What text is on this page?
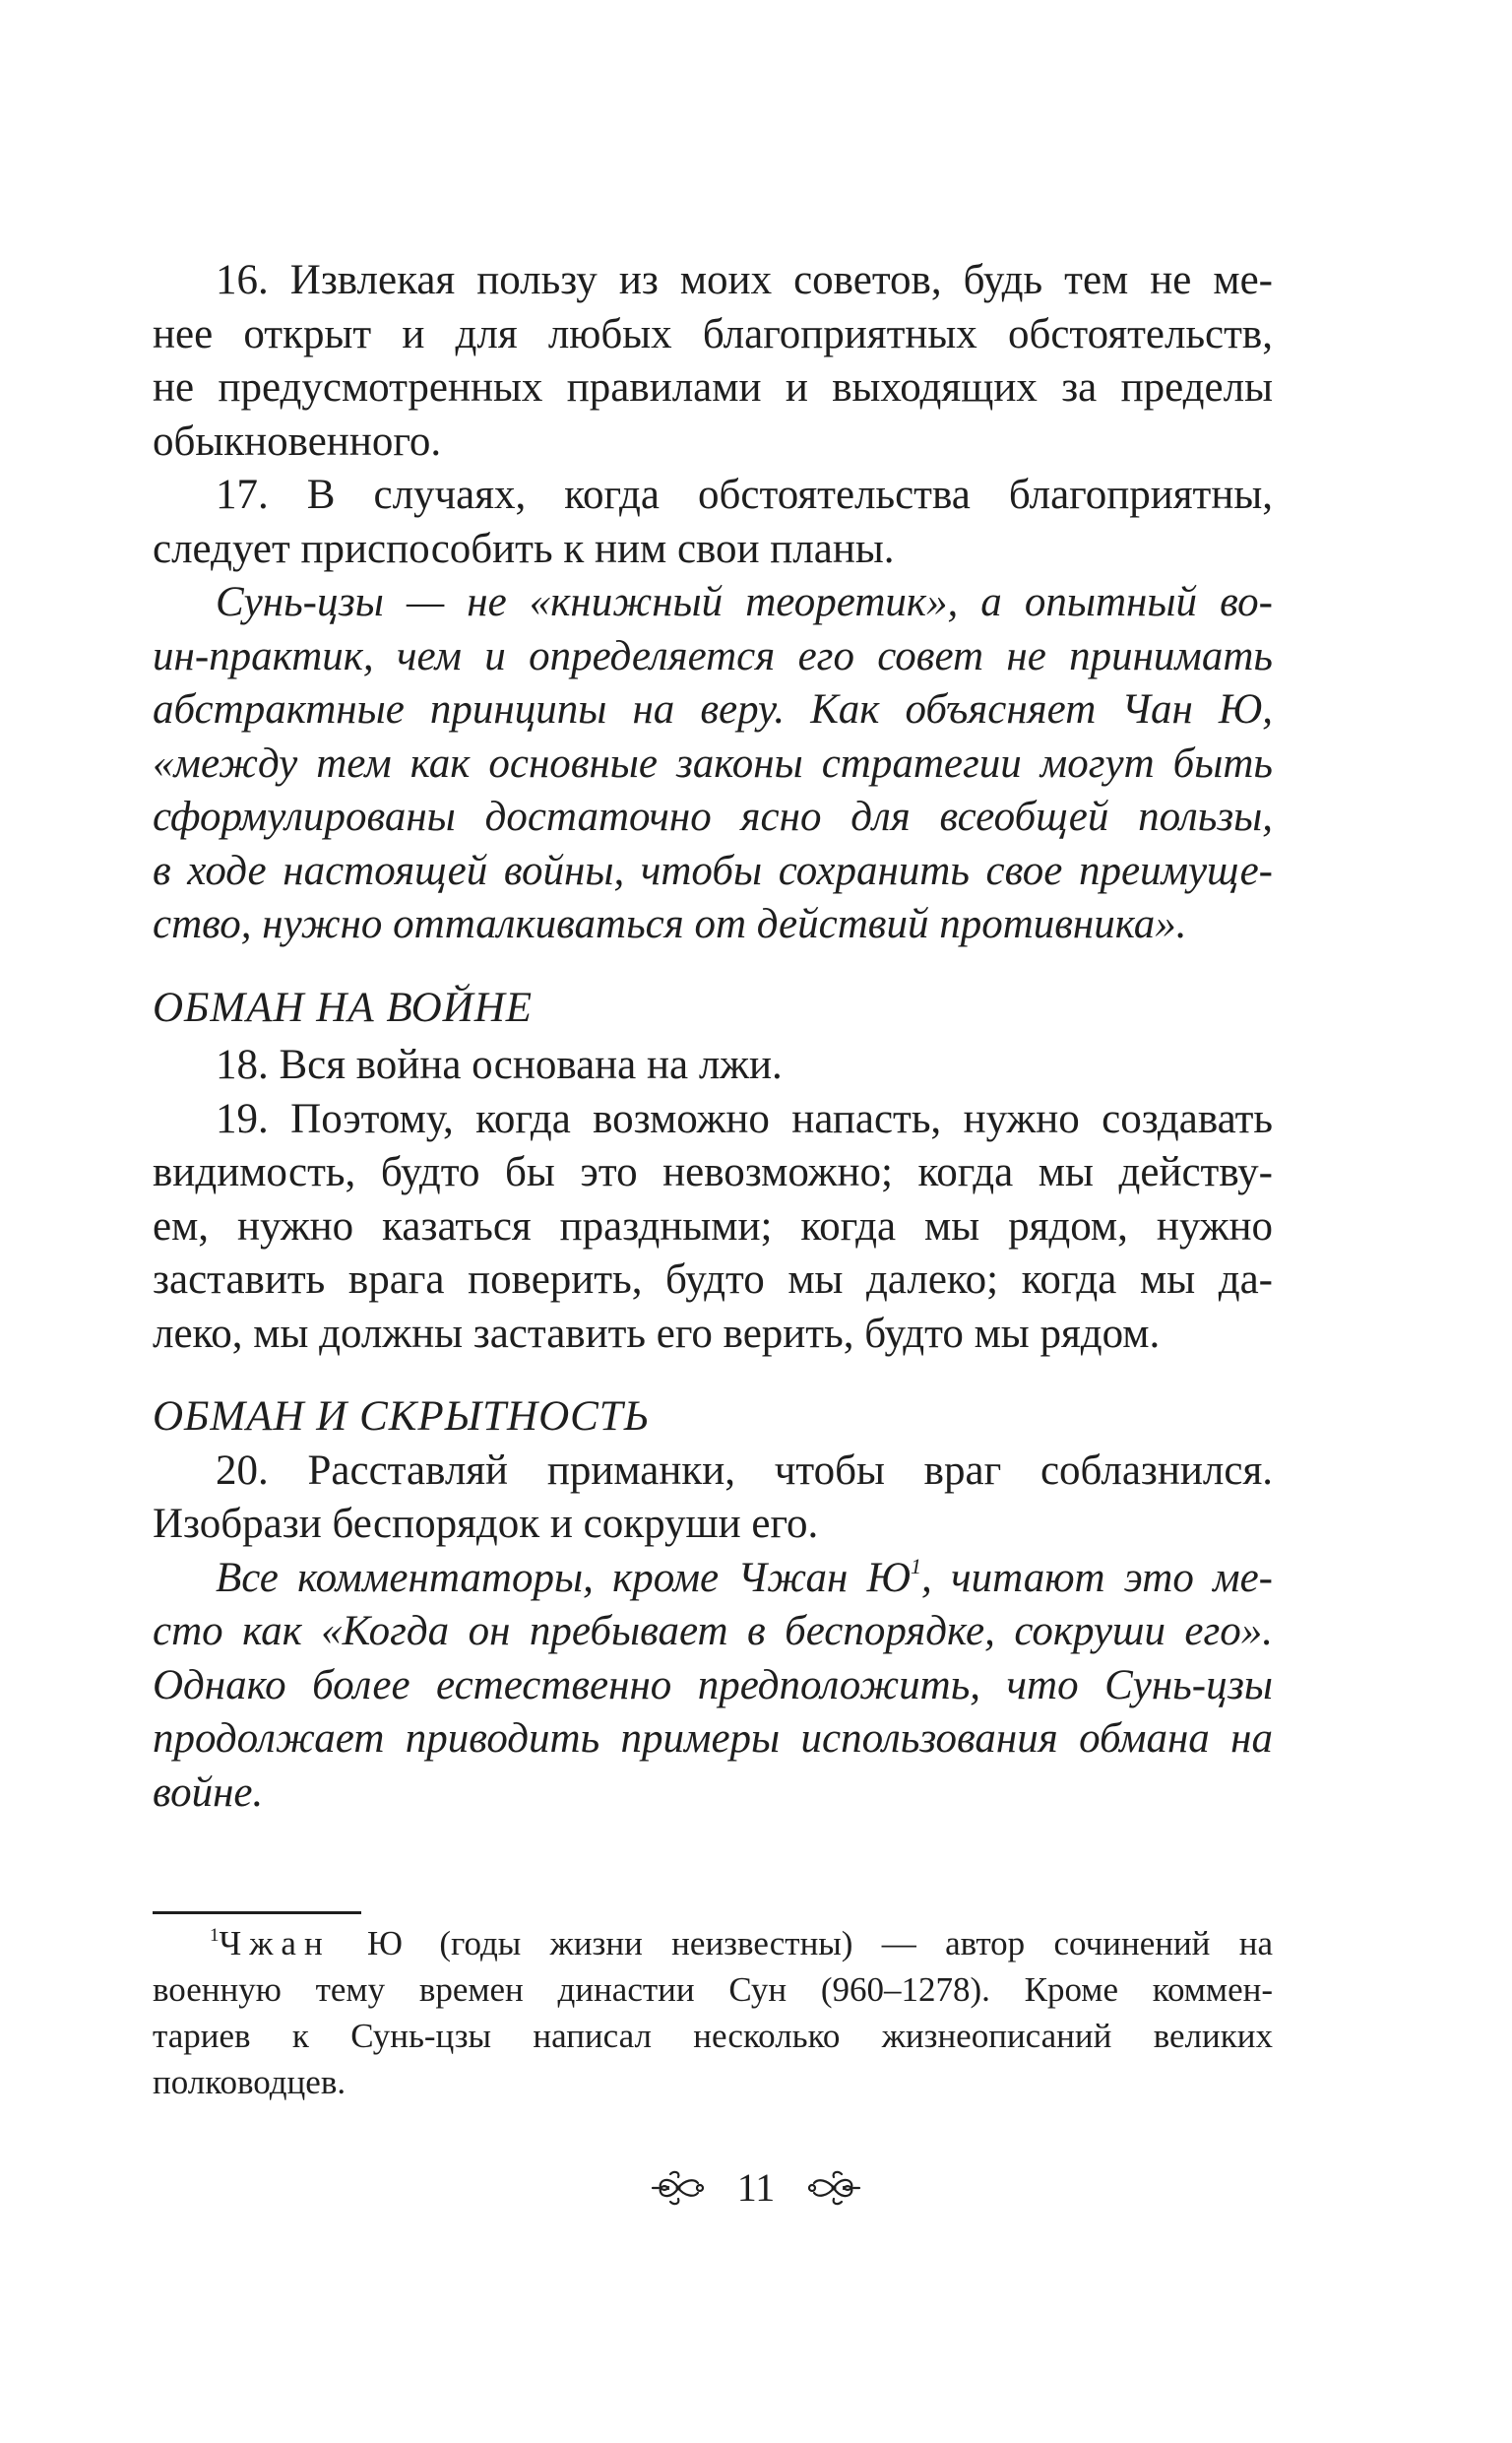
16. Извлекая пользу из моих советов, будь тем не ме-
нее открыт и для любых благоприятных обстоятельств,
не предусмотренных правилами и выходящих за пределы
обыкновенного.
17. В случаях, когда обстоятельства благоприятны,
следует приспособить к ним свои планы.
Сунь-цзы — не «книжный теоретик», а опытный во-
ин-практик, чем и определяется его совет не принимать
абстрактные принципы на веру. Как объясняет Чан Ю,
«между тем как основные законы стратегии могут быть
сформулированы достаточно ясно для всеобщей пользы,
в ходе настоящей войны, чтобы сохранить свое преимуще-
ство, нужно отталкиваться от действий противника».
ОБМАН НА ВОЙНЕ
18. Вся война основана на лжи.
19. Поэтому, когда возможно напасть, нужно создавать
видимость, будто бы это невозможно; когда мы действу-
ем, нужно казаться праздными; когда мы рядом, нужно
заставить врага поверить, будто мы далеко; когда мы да-
леко, мы должны заставить его верить, будто мы рядом.
ОБМАН И СКРЫТНОСТЬ
20. Расставляй приманки, чтобы враг соблазнился.
Изобрази беспорядок и сокруши его.
Все комментаторы, кроме Чжан $Ю^1$, читают это ме-
сто как «Когда он пребывает в беспорядке, сокруши его».
Однако более естественно предположить, что Сунь-цзы
продолжает приводить примеры использования обмана на
войне.
$^1$Чжан Ю (годы жизни неизвестны) — автор сочинений на
военную тему времен династии Сун (960–1278). Кроме коммен-
тариев к Сунь-цзы написал несколько жизнеописаний великих
полководцев.
11
